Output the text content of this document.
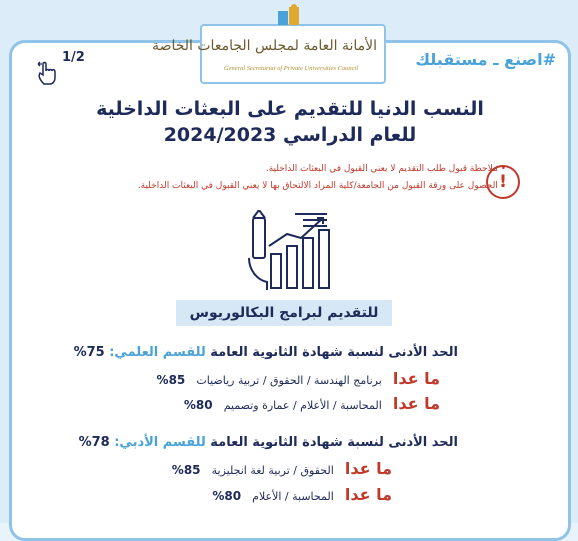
الأمانة العامة لمجلس الجامعات الخاصة
General Secretariat of Private Universities Council	#اصنع ـ مستقبلك
1/2
النسب الدنيا للتقديم على البعثات الداخلية
للعام الدراسي 2024/2023
• ملاحظة قبول طلب التقديم لا يعني القبول في البعثات الداخلية.
• الحصول على ورقة القبول من الجامعة/كلية المراد الالتحاق بها لا يعني القبول في البعثات الداخلية. !
للتقديم لبرامج البكالوريوس
الحد الأدنى لنسبة شهادة الثانوية العامة للقسم العلمي: 75%
ما عدا برنامج الهندسة / الحقوق / تربية رياضيات 85%
ما عدا المحاسبة / الأعلام / عمارة وتصميم 80%
الحد الأدنى لنسبة شهادة الثانوية العامة للقسم الأدبي: 78%
ما عدا الحقوق / تربية لغة انجليزية 85%
ما عدا المحاسبة / الأعلام 80%
